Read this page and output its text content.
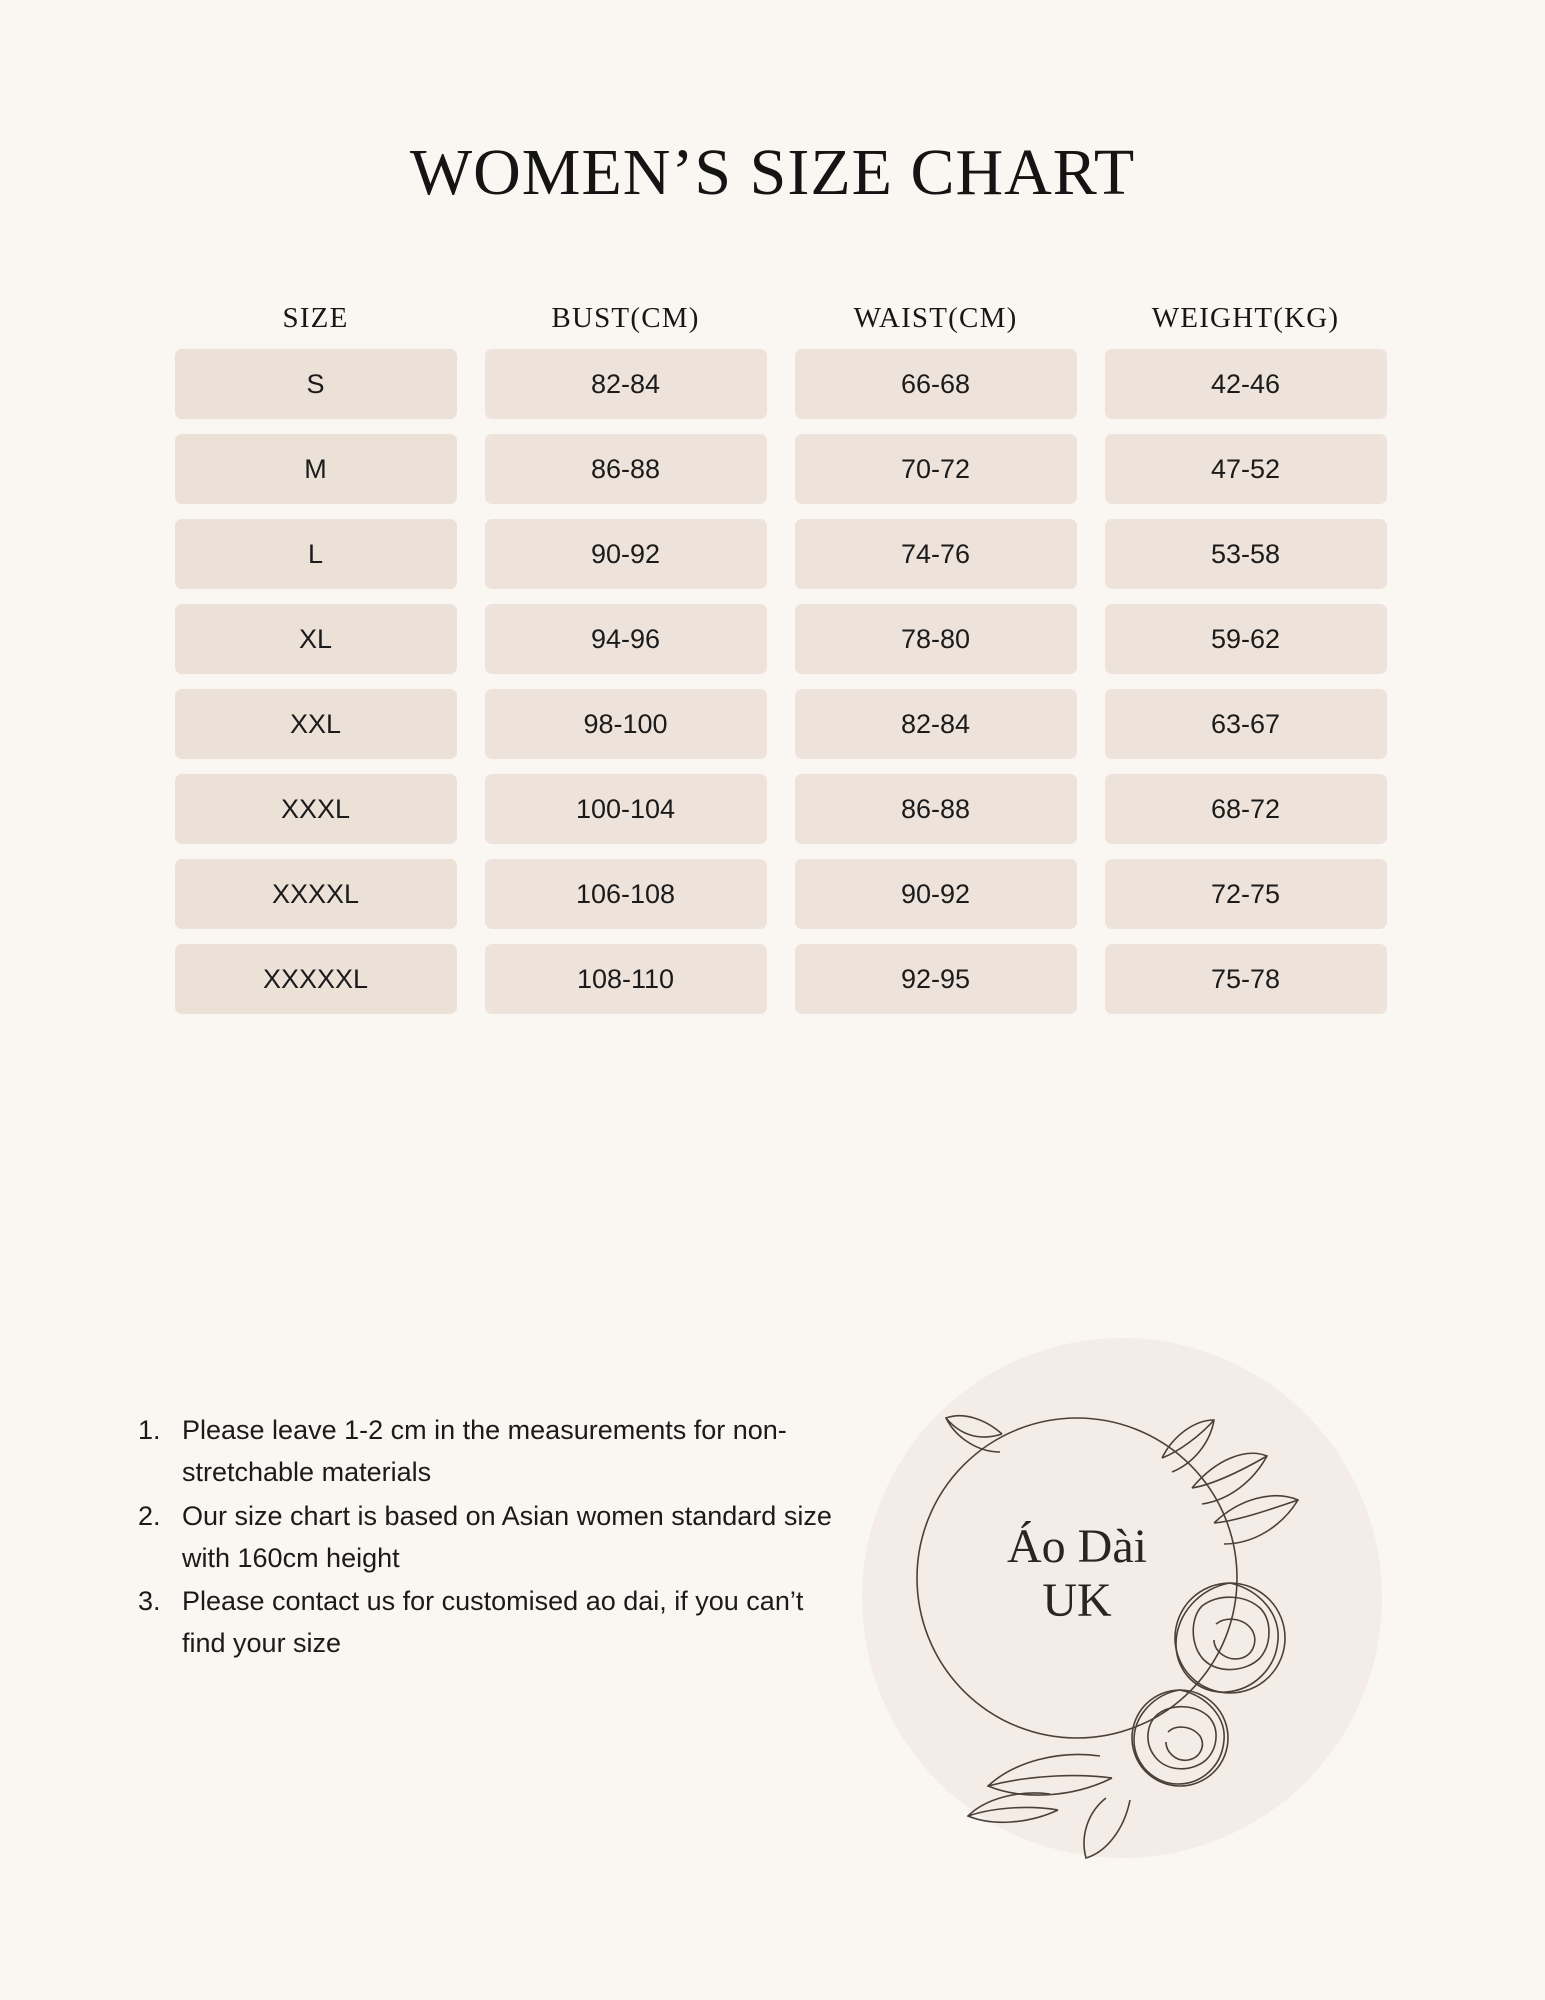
WOMEN’S SIZE CHART
SIZE	BUST(CM)	WAIST(CM)	WEIGHT(KG)
S	82-84	66-68	42-46
M	86-88	70-72	47-52
L	90-92	74-76	53-58
XL	94-96	78-80	59-62
XXL	98-100	82-84	63-67
XXXL	100-104	86-88	68-72
XXXXL	106-108	90-92	72-75
XXXXXL	108-110	92-95	75-78
1. Please leave 1-2 cm in the measurements for non-stretchable materials
2. Our size chart is based on Asian women standard size with 160cm height
3. Please contact us for customised ao dai, if you can’t find your size
Áo Dài
UK
